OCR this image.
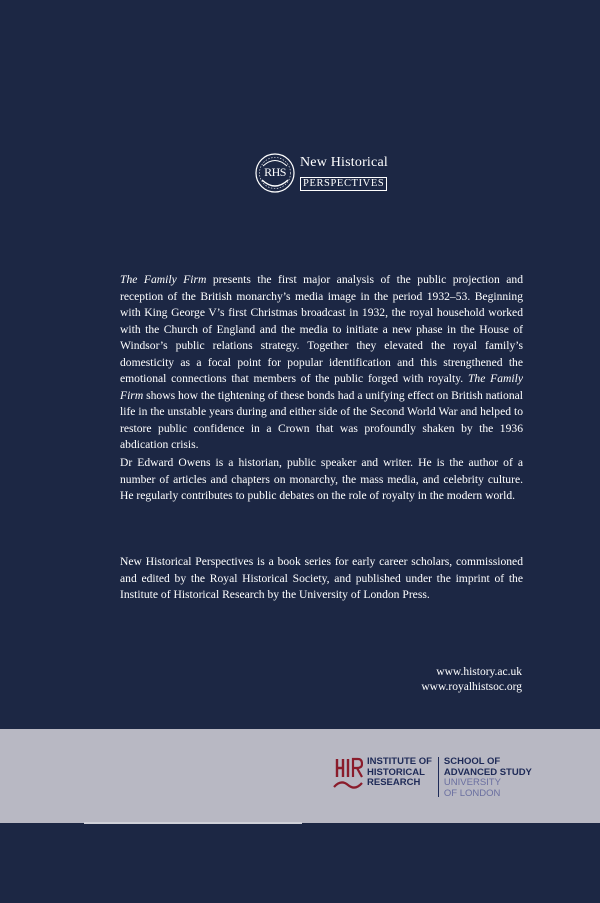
RHS
New Historical
PERSPECTIVES

The Family Firm presents the first major analysis of the public projection and reception of the British monarchy’s media image in the period 1932–53. Beginning with King George V’s first Christmas broadcast in 1932, the royal household worked with the Church of England and the media to initiate a new phase in the House of Windsor’s public relations strategy. Together they elevated the royal family’s domesticity as a focal point for popular identification and this strengthened the emotional connections that members of the public forged with royalty. The Family Firm shows how the tightening of these bonds had a unifying effect on British national life in the unstable years during and either side of the Second World War and helped to restore public confidence in a Crown that was profoundly shaken by the 1936 abdication crisis.

Dr Edward Owens is a historian, public speaker and writer. He is the author of a number of articles and chapters on monarchy, the mass media, and celebrity culture. He regularly contributes to public debates on the role of royalty in the modern world.

New Historical Perspectives is a book series for early career scholars, commissioned and edited by the Royal Historical Society, and published under the imprint of the Institute of Historical Research by the University of London Press.

www.history.ac.uk
www.royalhistsoc.org
INSTITUTE OF
HISTORICAL
RESEARCH
SCHOOL OF
ADVANCED STUDY
UNIVERSITY
OF LONDON
